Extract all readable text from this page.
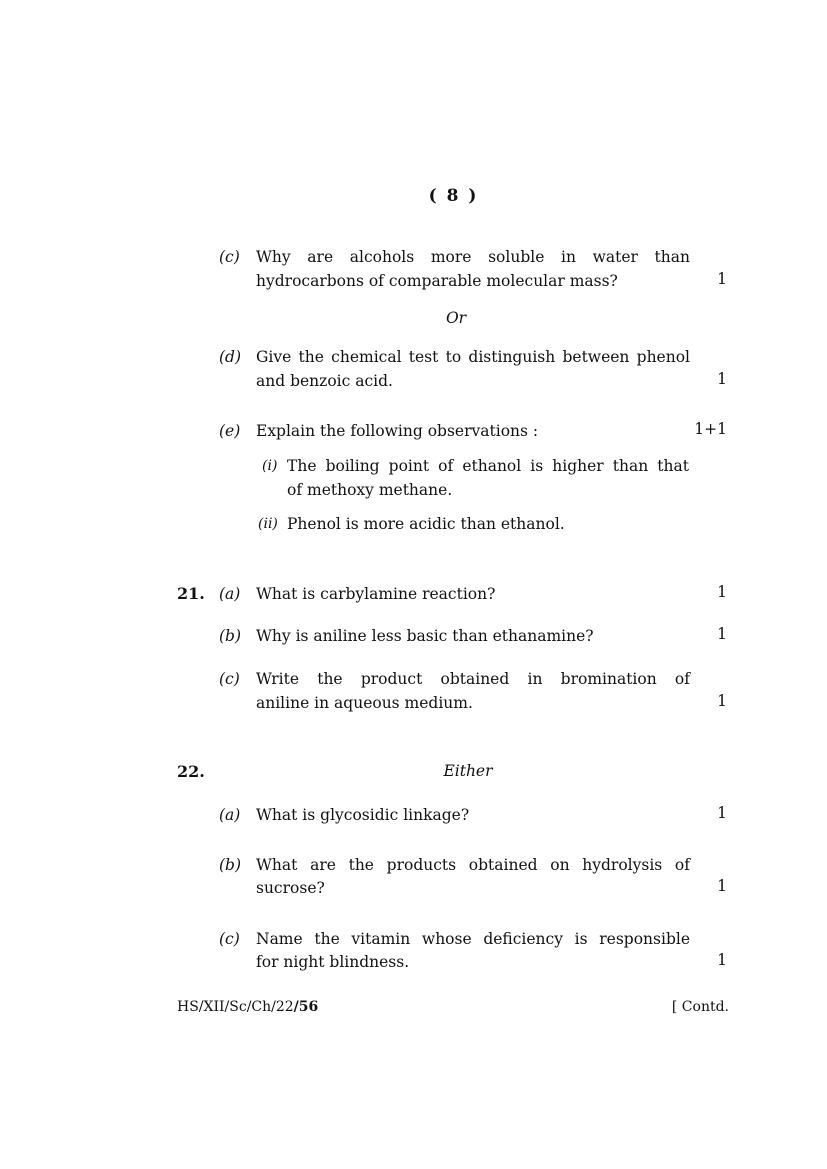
( 8 )
(c) Why are alcohols more soluble in water than
hydrocarbons of comparable molecular mass?	1
Or
(d) Give the chemical test to distinguish between phenol
and benzoic acid.	1
(e) Explain the following observations :	1+1
(i) The boiling point of ethanol is higher than that
of methoxy methane.
(ii) Phenol is more acidic than ethanol.
21. (a) What is carbylamine reaction?	1
(b) Why is aniline less basic than ethanamine?	1
(c) Write the product obtained in bromination of
aniline in aqueous medium.	1
22.	Either
(a) What is glycosidic linkage?	1
(b) What are the products obtained on hydrolysis of
sucrose?	1
(c) Name the vitamin whose deficiency is responsible
for night blindness.	1
HS/XII/Sc/Ch/22/56	[ Contd.
